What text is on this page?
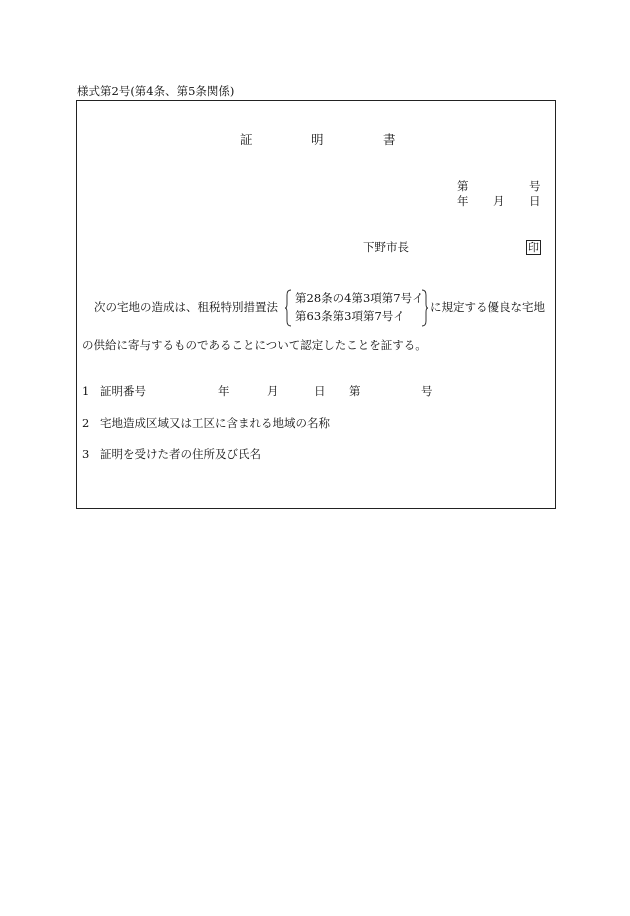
様式第2号(第4条、第5条関係)
証	明	書
第	号
年 月 日
下野市長	印
次の宅地の造成は、租税特別措置法
第28条の4第3項第7号イ
第63条第3項第7号イ
に規定する優良な宅地
の供給に寄与するものであることについて認定したことを証する。
1 証明番号	年	月	日 第	号
2 宅地造成区域又は工区に含まれる地域の名称
3 証明を受けた者の住所及び氏名
